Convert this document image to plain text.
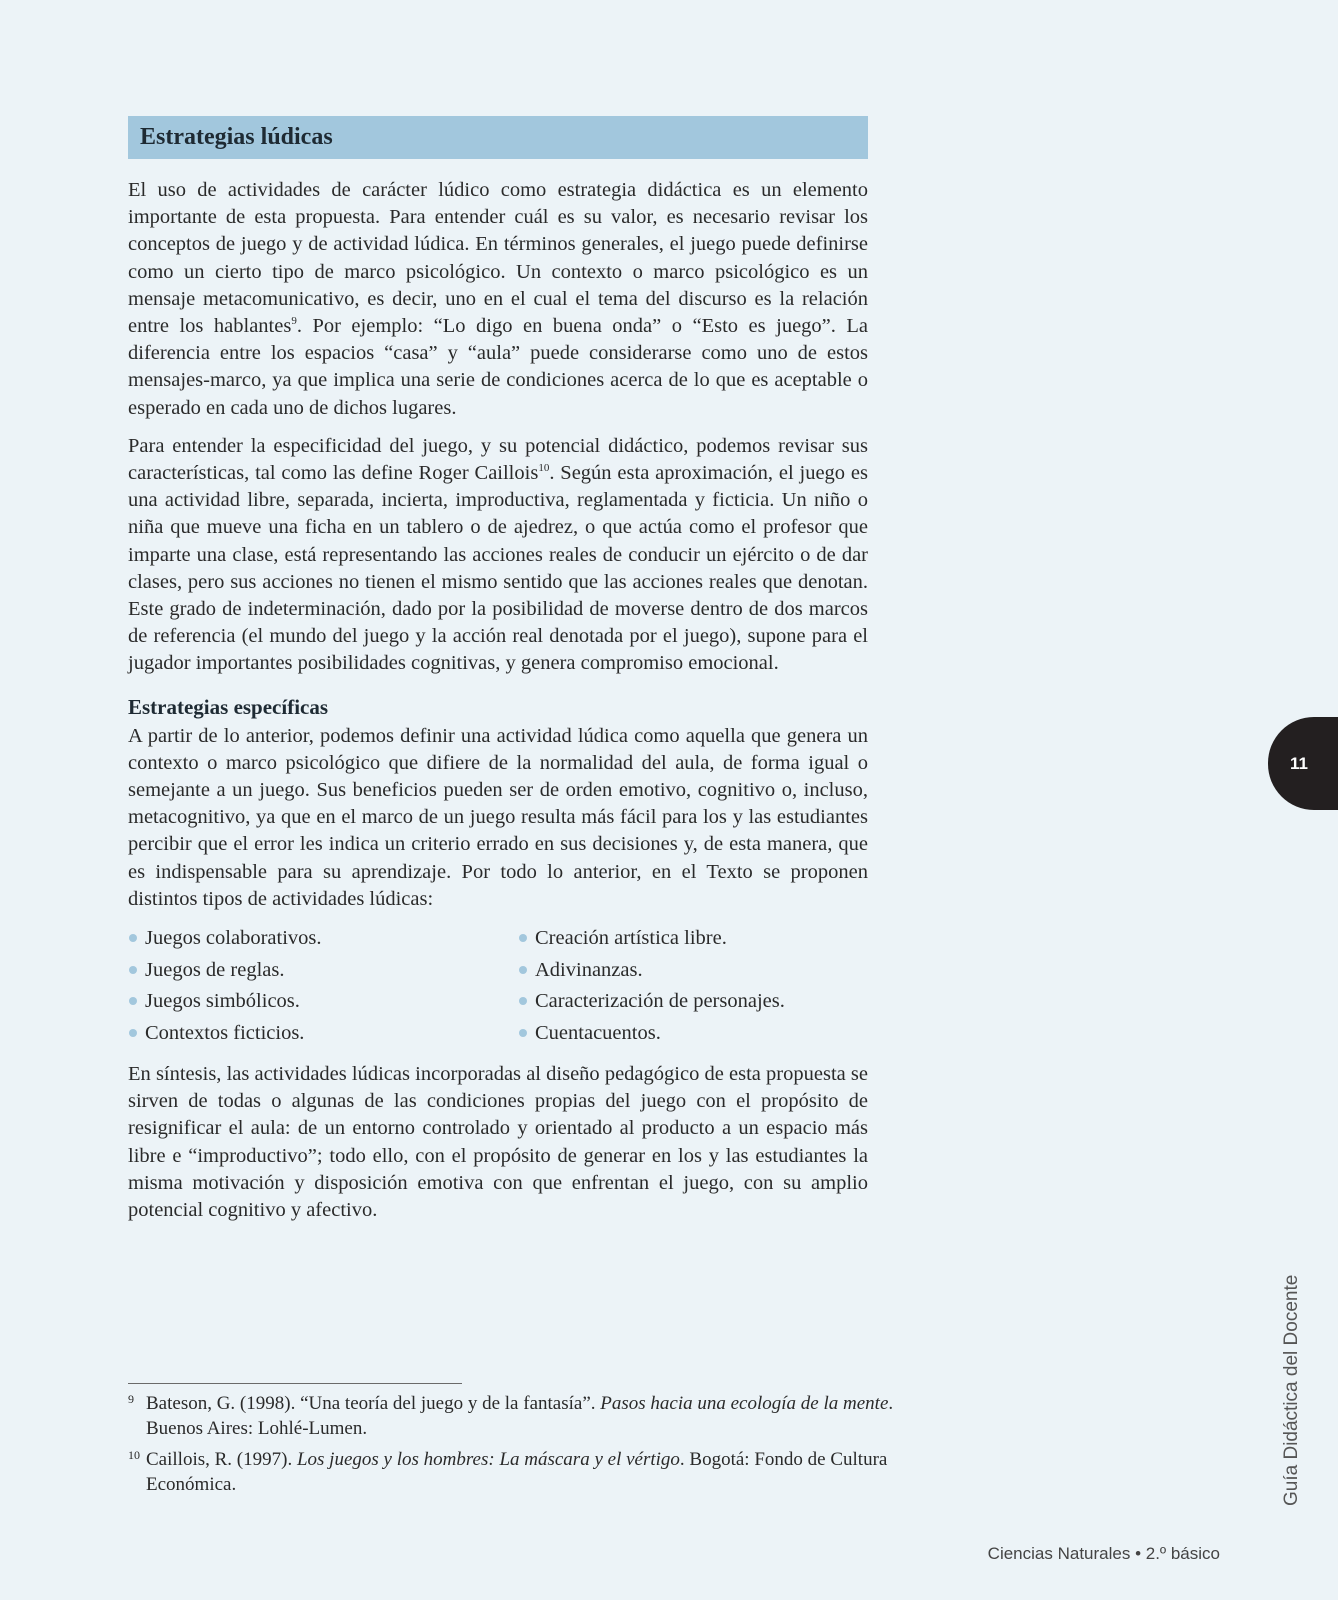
Estrategias lúdicas

El uso de actividades de carácter lúdico como estrategia didáctica es un elemento importante de esta propuesta. Para entender cuál es su valor, es necesario revisar los conceptos de juego y de actividad lúdica. En términos generales, el juego puede definirse como un cierto tipo de marco psicológico. Un contexto o marco psicológico es un mensaje metacomunicativo, es decir, uno en el cual el tema del discurso es la relación entre los hablantes$^9$. Por ejemplo: “Lo digo en buena onda” o “Esto es juego”. La diferencia entre los espacios “casa” y “aula” puede considerarse como uno de estos mensajes-marco, ya que implica una serie de condiciones acerca de lo que es aceptable o esperado en cada uno de dichos lugares.

Para entender la especificidad del juego, y su potencial didáctico, podemos revisar sus características, tal como las define Roger Caillois$^{10}$. Según esta aproximación, el juego es una actividad libre, separada, incierta, improductiva, reglamentada y ficticia. Un niño o niña que mueve una ficha en un tablero o de ajedrez, o que actúa como el profesor que imparte una clase, está representando las acciones reales de conducir un ejército o de dar clases, pero sus acciones no tienen el mismo sentido que las acciones reales que denotan. Este grado de indeterminación, dado por la posibilidad de moverse dentro de dos marcos de referencia (el mundo del juego y la acción real denotada por el juego), supone para el jugador importantes posibilidades cognitivas, y genera compromiso emocional.

Estrategias específicas

A partir de lo anterior, podemos definir una actividad lúdica como aquella que genera un contexto o marco psicológico que difiere de la normalidad del aula, de forma igual o semejante a un juego. Sus beneficios pueden ser de orden emotivo, cognitivo o, incluso, metacognitivo, ya que en el marco de un juego resulta más fácil para los y las estudiantes percibir que el error les indica un criterio errado en sus decisiones y, de esta manera, que es indispensable para su aprendizaje. Por todo lo anterior, en el Texto se proponen distintos tipos de actividades lúdicas:

Juegos colaborativos.	Creación artística libre.
Juegos de reglas.	Adivinanzas.
Juegos simbólicos.	Caracterización de personajes.
Contextos ficticios.	Cuentacuentos.

En síntesis, las actividades lúdicas incorporadas al diseño pedagógico de esta propuesta se sirven de todas o algunas de las condiciones propias del juego con el propósito de resignificar el aula: de un entorno controlado y orientado al producto a un espacio más libre e “improductivo”; todo ello, con el propósito de generar en los y las estudiantes la misma motivación y disposición emotiva con que enfrentan el juego, con su amplio potencial cognitivo y afectivo.

9 Bateson, G. (1998). “Una teoría del juego y de la fantasía”. Pasos hacia una ecología de la mente. Buenos Aires: Lohlé-Lumen.
10 Caillois, R. (1997). Los juegos y los hombres: La máscara y el vértigo. Bogotá: Fondo de Cultura Económica.
11
Guía Didáctica del Docente
Ciencias Naturales • 2.º básico
